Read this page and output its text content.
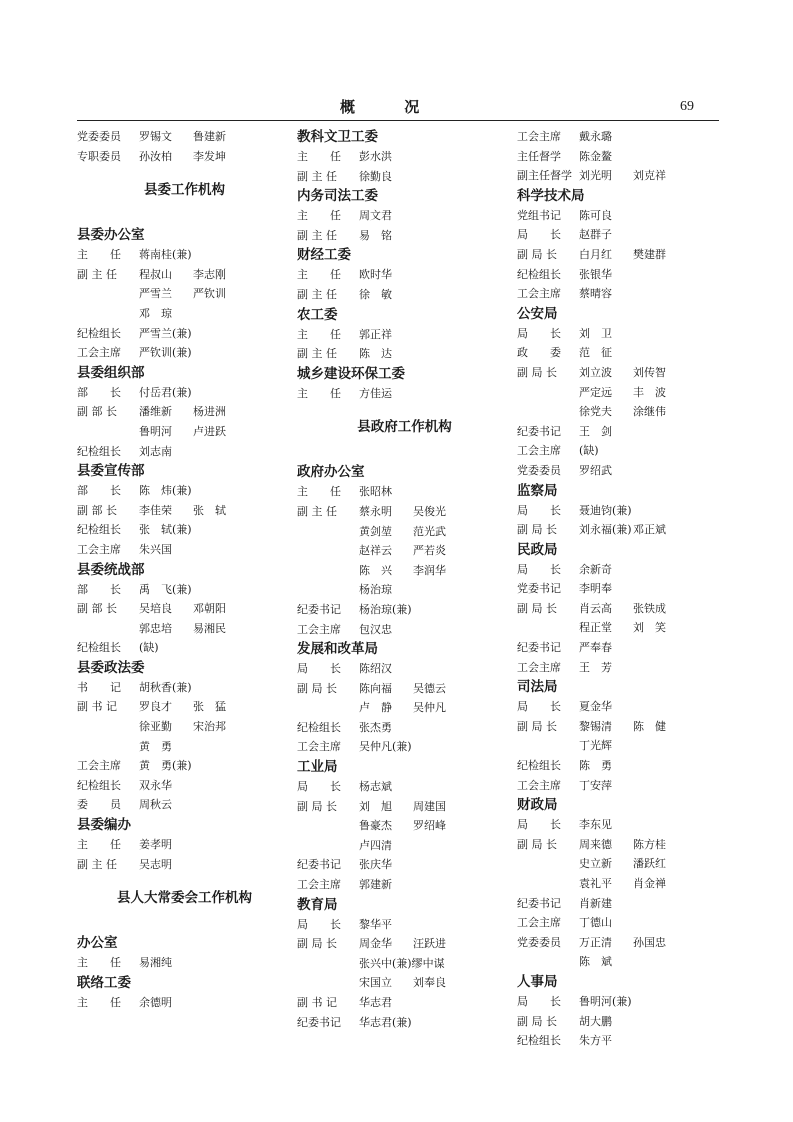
概 况	69
党委委员 罗锡文 鲁建新
专职委员 孙汝柏 李发坤
县委工作机构
县委办公室
主　　任 蒋南桂(兼)
副 主 任 程叔山 李志刚
严雪兰 严钦训
邓　琼
纪检组长 严雪兰(兼)
工会主席 严钦训(兼)
县委组织部
部　　长 付岳君(兼)
副 部 长 潘维新 杨进洲
鲁明河 卢进跃
纪检组长 刘志南
县委宣传部
部　　长 陈　炜(兼)
副 部 长 李佳荣 张　轼
纪检组长 张　轼(兼)
工会主席 朱兴国
县委统战部
部　　长 禹　飞(兼)
副 部 长 吴培良 邓朝阳
郭忠培 易湘民
纪检组长 (缺)
县委政法委
书　　记 胡秋香(兼)
副 书 记 罗良才 张　猛
徐亚勤 宋治邦
黄　勇
工会主席 黄　勇(兼)
纪检组长 双永华
委　　员 周秋云
县委编办
主　　任 姜孝明
副 主 任 吴志明
县人大常委会工作机构
办公室
主　　任 易湘纯
联络工委
主　　任 余德明
教科文卫工委
主　　任 彭水洪
副 主 任 徐勤良
内务司法工委
主　　任 周文君
副 主 任 易　铭
财经工委
主　　任 欧时华
副 主 任 徐　敏
农工委
主　　任 郭正祥
副 主 任 陈　达
城乡建设环保工委
主　　任 方佳运
县政府工作机构
政府办公室
主　　任 张昭林
副 主 任 蔡永明 吴俊光
黄剑堃 范光武
赵祥云 严若炎
陈　兴 李润华
杨治琼
纪委书记 杨治琼(兼)
工会主席 包汉忠
发展和改革局
局　　长 陈绍汉
副 局 长 陈向福 吴德云
卢　静 吴仲凡
纪检组长 张杰勇
工会主席 吴仲凡(兼)
工业局
局　　长 杨志斌
副 局 长 刘　旭 周建国
鲁豪杰 罗绍峰
卢四清
纪委书记 张庆华
工会主席 郭建新
教育局
局　　长 黎华平
副 局 长 周金华 汪跃进
张兴中(兼)缪中谋
宋国立 刘奉良
副 书 记 华志君
纪委书记 华志君(兼)
工会主席 戴永璐
主任督学 陈金鳌
副主任督学 刘光明 刘克祥
科学技术局
党组书记 陈可良
局　　长 赵群子
副 局 长 白月红 樊建群
纪检组长 张银华
工会主席 蔡晴容
公安局
局　　长 刘　卫
政　　委 范　征
副 局 长 刘立波 刘传智
严定远 丰　波
徐党夫 涂继伟
纪委书记 王　剑
工会主席 (缺)
党委委员 罗绍武
监察局
局　　长 聂迪钧(兼)
副 局 长 刘永福(兼) 邓正斌
民政局
局　　长 余新奇
党委书记 李明奉
副 局 长 肖云高 张铁成
程正堂 刘　笑
纪委书记 严奉春
工会主席 王　芳
司法局
局　　长 夏金华
副 局 长 黎锡清 陈　健
丁光辉
纪检组长 陈　勇
工会主席 丁安萍
财政局
局　　长 李东见
副 局 长 周来德 陈方桂
史立新 潘跃红
袁礼平 肖金禅
纪委书记 肖新建
工会主席 丁德山
党委委员 万正清 孙国忠
陈　斌
人事局
局　　长 鲁明河(兼)
副 局 长 胡大鹏
纪检组长 朱方平
